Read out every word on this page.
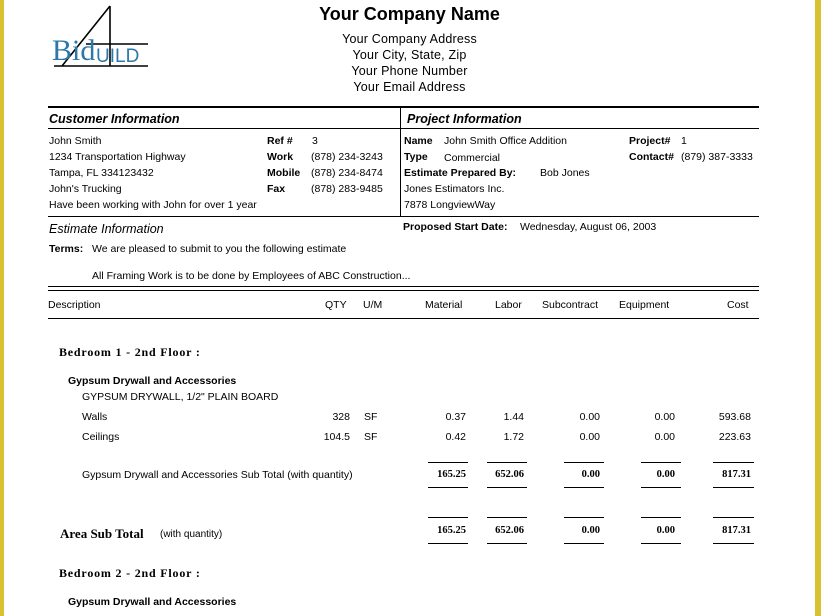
Bid UILD
Your Company Name
Your Company Address
Your City, State, Zip
Your Phone Number
Your Email Address
Customer Information
John Smith
1234 Transportation Highway
Tampa, FL 334123432
John's Trucking
Have been working with John for over 1 year
Ref # 3
Work (878) 234-3243
Mobile (878) 234-8474
Fax (878) 283-9485
Project Information
Name John Smith Office Addition
Type Commercial
Estimate Prepared By: Bob Jones
Jones Estimators Inc.
7878 LongviewWay
Project# 1
Contact# (879) 387-3333
Estimate Information	Proposed Start Date: Wednesday, August 06, 2003
Terms: We are pleased to submit to you the following estimate
All Framing Work is to be done by Employees of ABC Construction...
Description	QTY U/M	Material	Labor Subcontract Equipment	Cost
Bedroom 1 - 2nd Floor :
Gypsum Drywall and Accessories
GYPSUM DRYWALL, 1/2" PLAIN BOARD
Walls	328 SF	0.37	1.44	0.00	0.00	593.68
Ceilings	104.5 SF	0.42	1.72	0.00	0.00	223.63
Gypsum Drywall and Accessories Sub Total (with quantity)	165.25	652.06	0.00	0.00	817.31
Area Sub Total (with quantity)	165.25	652.06	0.00	0.00	817.31
Bedroom 2 - 2nd Floor :
Gypsum Drywall and Accessories
